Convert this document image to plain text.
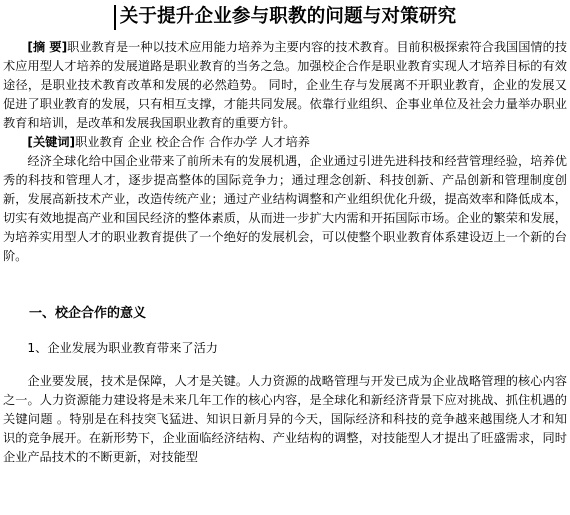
关于提升企业参与职教的问题与对策研究

[摘 要]职业教育是一种以技术应用能力培养为主要内容的技术教育。目前积极探索符合我国国情的技术应用型人才培养的发展道路是职业教育的当务之急。加强校企合作是职业教育实现人才培养目标的有效途径，是职业技术教育改革和发展的必然趋势。 同时，企业生存与发展离不开职业教育，企业的发展又促进了职业教育的发展，只有相互支撑，才能共同发展。依靠行业组织、企事业单位及社会力量举办职业教育和培训，是改革和发展我国职业教育的重要方针。

[关键词]职业教育 企业 校企合作 合作办学 人才培养

经济全球化给中国企业带来了前所未有的发展机遇，企业通过引进先进科技和经营管理经验，培养优秀的科技和管理人才，逐步提高整体的国际竞争力；通过理念创新、科技创新、产品创新和管理制度创新，发展高新技术产业，改造传统产业；通过产业结构调整和产业组织优化升级，提高效率和降低成本，切实有效地提高产业和国民经济的整体素质，从而进一步扩大内需和开拓国际市场。企业的繁荣和发展，为培养实用型人才的职业教育提供了一个绝好的发展机会，可以使整个职业教育体系建设迈上一个新的台阶。

一、校企合作的意义

1、企业发展为职业教育带来了活力

企业要发展，技术是保障，人才是关键。人力资源的战略管理与开发已成为企业战略管理的核心内容之一。人力资源能力建设将是未来几年工作的核心内容，是全球化和新经济背景下应对挑战、抓住机遇的关键问题 。特别是在科技突飞猛进、知识日新月异的今天，国际经济和科技的竞争越来越围绕人才和知识的竞争展开。在新形势下，企业面临经济结构、产业结构的调整，对技能型人才提出了旺盛需求，同时企业产品技术的不断更新，对技能型
